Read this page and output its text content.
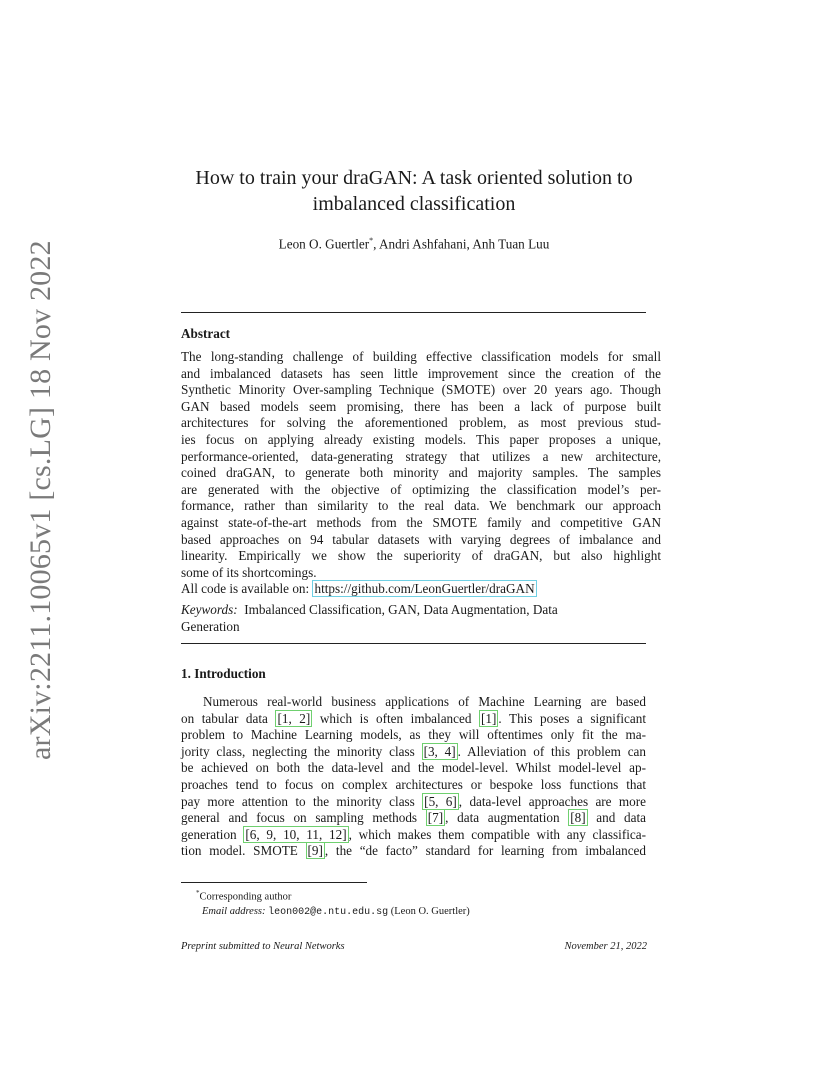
arXiv:2211.10065v1 [cs.LG] 18 Nov 2022
How to train your draGAN: A task oriented solution to
imbalanced classification
Leon O. Guertler*, Andri Ashfahani, Anh Tuan Luu
Abstract
The long-standing challenge of building effective classification models for small
and imbalanced datasets has seen little improvement since the creation of the
Synthetic Minority Over-sampling Technique (SMOTE) over 20 years ago. Though
GAN based models seem promising, there has been a lack of purpose built
architectures for solving the aforementioned problem, as most previous stud-
ies focus on applying already existing models. This paper proposes a unique,
performance-oriented, data-generating strategy that utilizes a new architecture,
coined draGAN, to generate both minority and majority samples. The samples
are generated with the objective of optimizing the classification model’s per-
formance, rather than similarity to the real data. We benchmark our approach
against state-of-the-art methods from the SMOTE family and competitive GAN
based approaches on 94 tabular datasets with varying degrees of imbalance and
linearity. Empirically we show the superiority of draGAN, but also highlight
some of its shortcomings.
All code is available on: https://github.com/LeonGuertler/draGAN
Keywords:  Imbalanced Classification, GAN, Data Augmentation, Data
Generation
1. Introduction
Numerous real-world business applications of Machine Learning are based
on tabular data [1, 2] which is often imbalanced [1] . This poses a significant
problem to Machine Learning models, as they will oftentimes only fit the ma-
jority class, neglecting the minority class [3, 4] . Alleviation of this problem can
be achieved on both the data-level and the model-level. Whilst model-level ap-
proaches tend to focus on complex architectures or bespoke loss functions that
pay more attention to the minority class [5, 6] , data-level approaches are more
general and focus on sampling methods [7] , data augmentation [8] and data
generation [6, 9, 10, 11, 12] , which makes them compatible with any classifica-
tion model. SMOTE [9] , the “de facto” standard for learning from imbalanced
*Corresponding author
Email address: leon002@e.ntu.edu.sg (Leon O. Guertler)
Preprint submitted to Neural Networks	November 21, 2022
